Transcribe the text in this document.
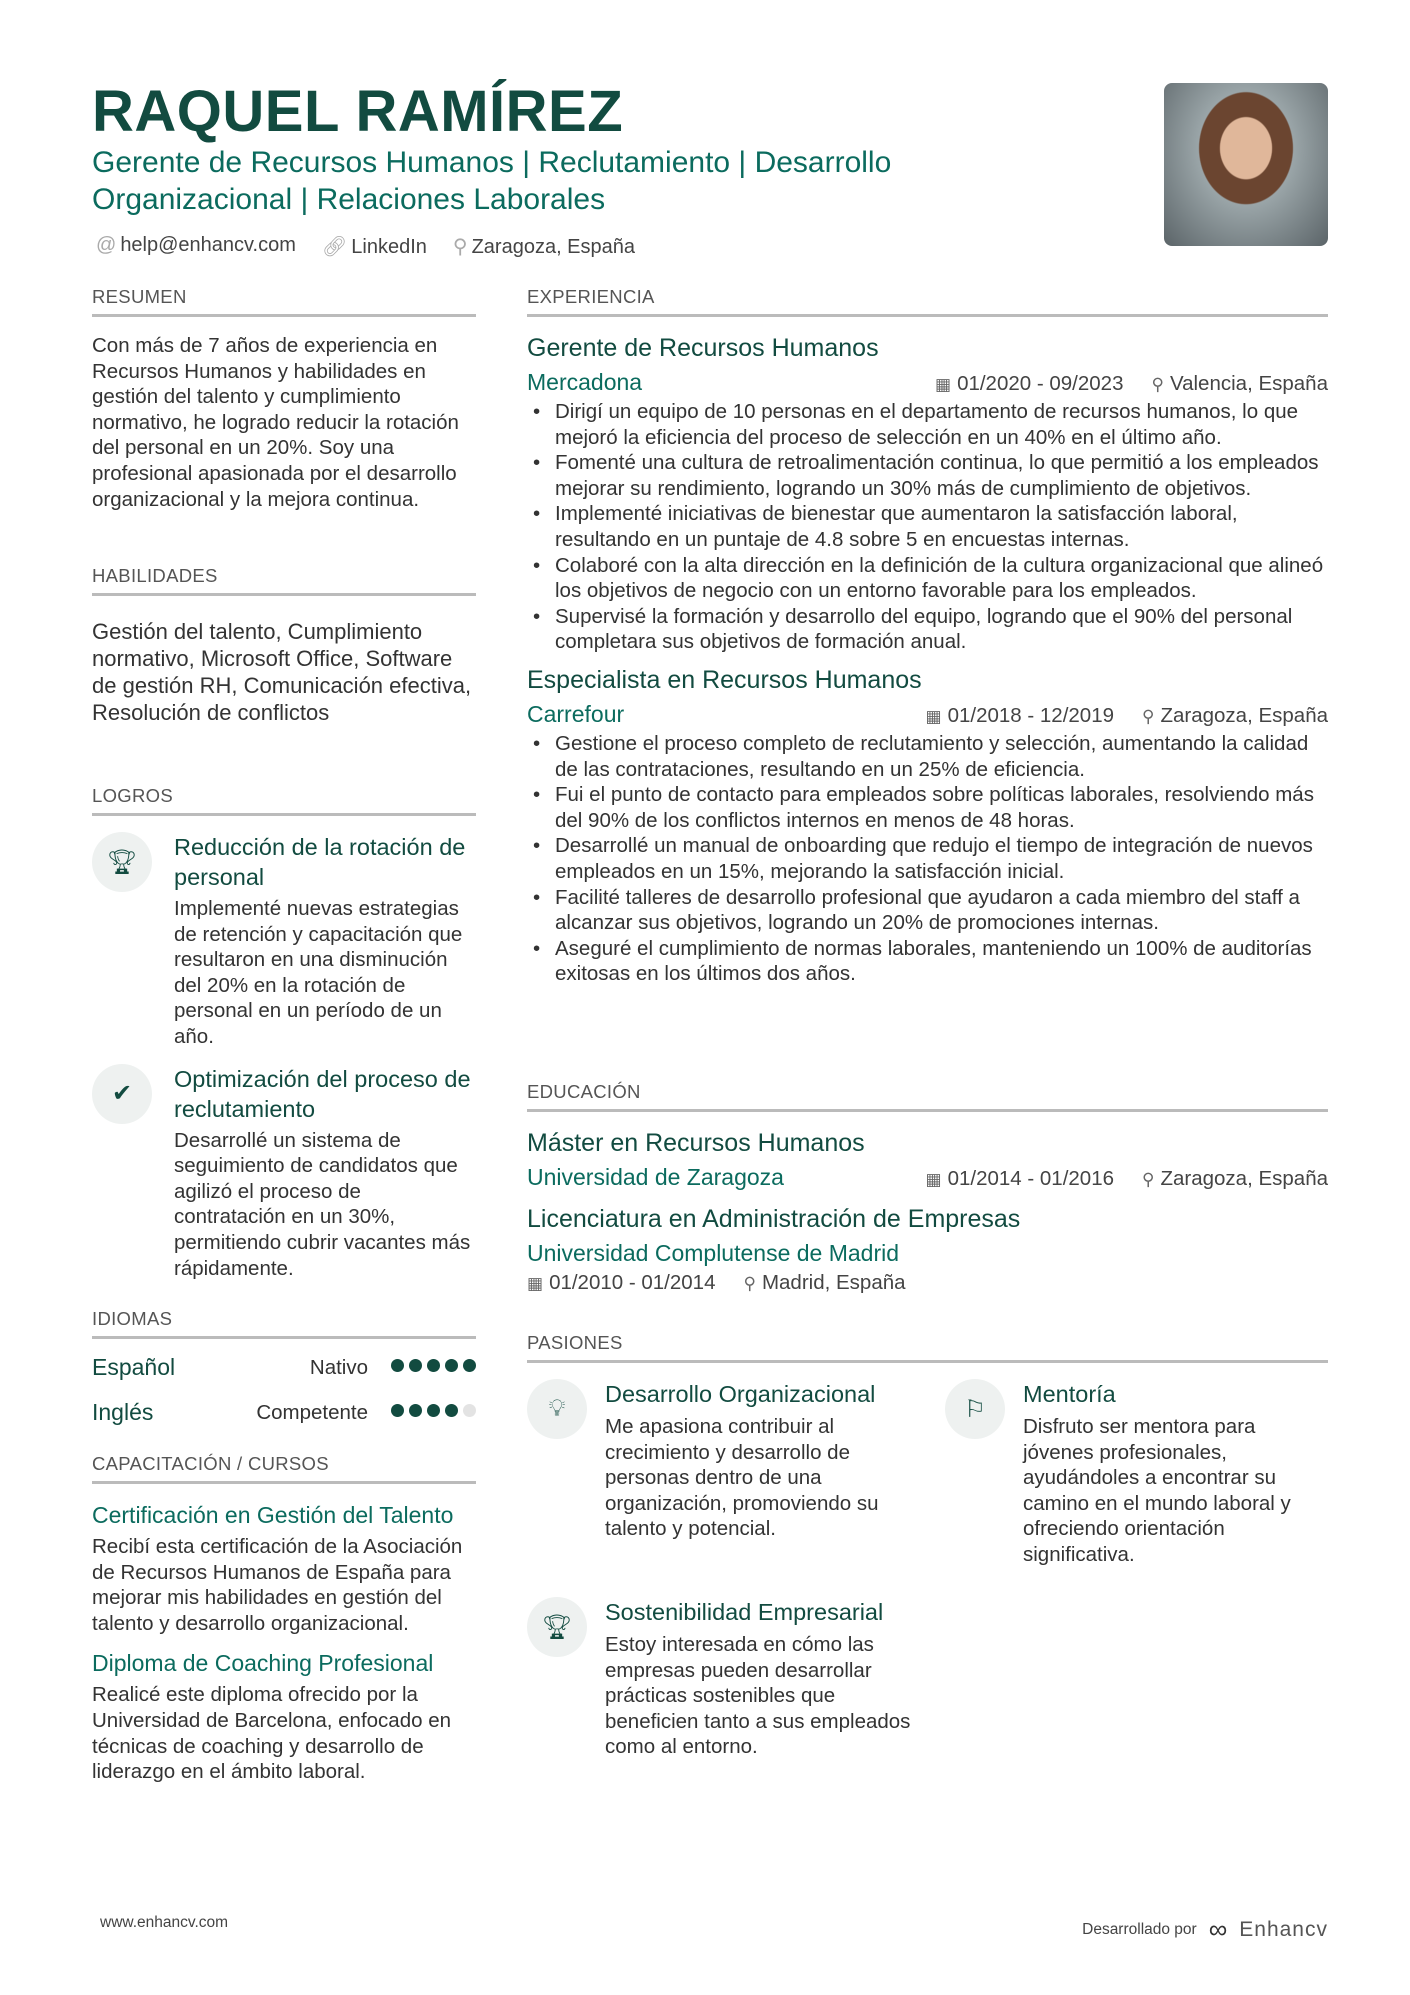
RAQUEL RAMÍREZ
Gerente de Recursos Humanos | Reclutamiento | Desarrollo Organizacional | Relaciones Laborales
@ help@enhancv.com 🔗︎ LinkedIn ⚲ Zaragoza, España
RESUMEN
Con más de 7 años de experiencia en Recursos Humanos y habilidades en gestión del talento y cumplimiento normativo, he logrado reducir la rotación del personal en un 20%. Soy una profesional apasionada por el desarrollo organizacional y la mejora continua.
HABILIDADES
Gestión del talento, Cumplimiento normativo, Microsoft Office, Software de gestión RH, Comunicación efectiva, Resolución de conflictos
LOGROS
🏆︎
Reducción de la rotación de personal
Implementé nuevas estrategias de retención y capacitación que resultaron en una disminución del 20% en la rotación de personal en un período de un año.
✔
Optimización del proceso de reclutamiento
Desarrollé un sistema de seguimiento de candidatos que agilizó el proceso de contratación en un 30%, permitiendo cubrir vacantes más rápidamente.
IDIOMAS
Español	Nativo
Inglés	Competente
CAPACITACIÓN / CURSOS
Certificación en Gestión del Talento
Recibí esta certificación de la Asociación de Recursos Humanos de España para mejorar mis habilidades en gestión del talento y desarrollo organizacional.
Diploma de Coaching Profesional
Realicé este diploma ofrecido por la Universidad de Barcelona, enfocado en técnicas de coaching y desarrollo de liderazgo en el ámbito laboral.
EXPERIENCIA
Gerente de Recursos Humanos
Mercadona	▦ 01/2020 - 09/2023 ⚲ Valencia, España
• Dirigí un equipo de 10 personas en el departamento de recursos humanos, lo que mejoró la eficiencia del proceso de selección en un 40% en el último año.
• Fomenté una cultura de retroalimentación continua, lo que permitió a los empleados mejorar su rendimiento, logrando un 30% más de cumplimiento de objetivos.
• Implementé iniciativas de bienestar que aumentaron la satisfacción laboral, resultando en un puntaje de 4.8 sobre 5 en encuestas internas.
• Colaboré con la alta dirección en la definición de la cultura organizacional que alineó los objetivos de negocio con un entorno favorable para los empleados.
• Supervisé la formación y desarrollo del equipo, logrando que el 90% del personal completara sus objetivos de formación anual.
Especialista en Recursos Humanos
Carrefour	▦ 01/2018 - 12/2019 ⚲ Zaragoza, España
• Gestione el proceso completo de reclutamiento y selección, aumentando la calidad de las contrataciones, resultando en un 25% de eficiencia.
• Fui el punto de contacto para empleados sobre políticas laborales, resolviendo más del 90% de los conflictos internos en menos de 48 horas.
• Desarrollé un manual de onboarding que redujo el tiempo de integración de nuevos empleados en un 15%, mejorando la satisfacción inicial.
• Facilité talleres de desarrollo profesional que ayudaron a cada miembro del staff a alcanzar sus objetivos, logrando un 20% de promociones internas.
• Aseguré el cumplimiento de normas laborales, manteniendo un 100% de auditorías exitosas en los últimos dos años.
EDUCACIÓN
Máster en Recursos Humanos
Universidad de Zaragoza	▦ 01/2014 - 01/2016 ⚲ Zaragoza, España
Licenciatura en Administración de Empresas
Universidad Complutense de Madrid
▦ 01/2010 - 01/2014 ⚲ Madrid, España
PASIONES
💡︎
Desarrollo Organizacional
Me apasiona contribuir al crecimiento y desarrollo de personas dentro de una organización, promoviendo su talento y potencial.
⚐
Mentoría
Disfruto ser mentora para jóvenes profesionales, ayudándoles a encontrar su camino en el mundo laboral y ofreciendo orientación significativa.
🏆︎
Sostenibilidad Empresarial
Estoy interesada en cómo las empresas pueden desarrollar prácticas sostenibles que beneficien tanto a sus empleados como al entorno.
www.enhancv.com	Desarrollado por ∞ Enhancv
